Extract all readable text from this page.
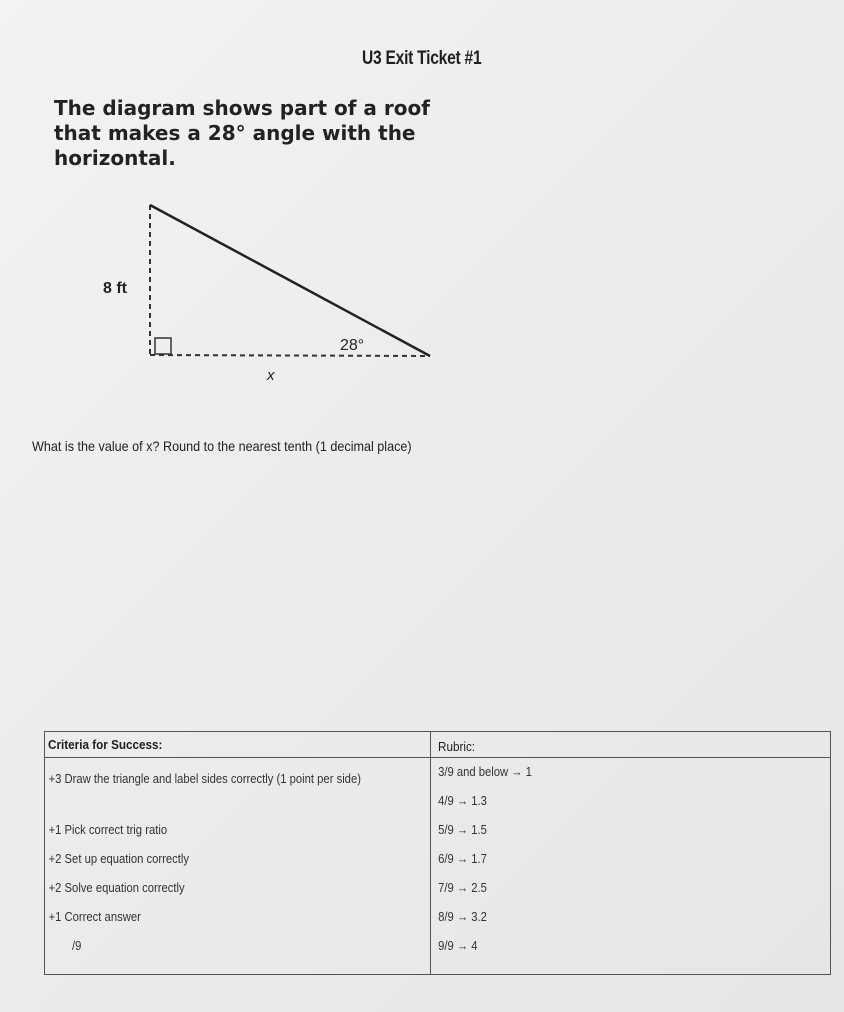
U3 Exit Ticket #1
The diagram shows part of a roof that makes a 28° angle with the horizontal.
8 ft
28°
x
What is the value of x? Round to the nearest tenth (1 decimal place)
Criteria for Success:
+3 Draw the triangle and label sides correctly (1 point per side)
+1 Pick correct trig ratio
+2 Set up equation correctly
+2 Solve equation correctly
+1 Correct answer
/9
Rubric:
3/9 and below → 1
4/9 → 1.3
5/9 → 1.5
6/9 → 1.7
7/9 → 2.5
8/9 → 3.2
9/9 → 4
